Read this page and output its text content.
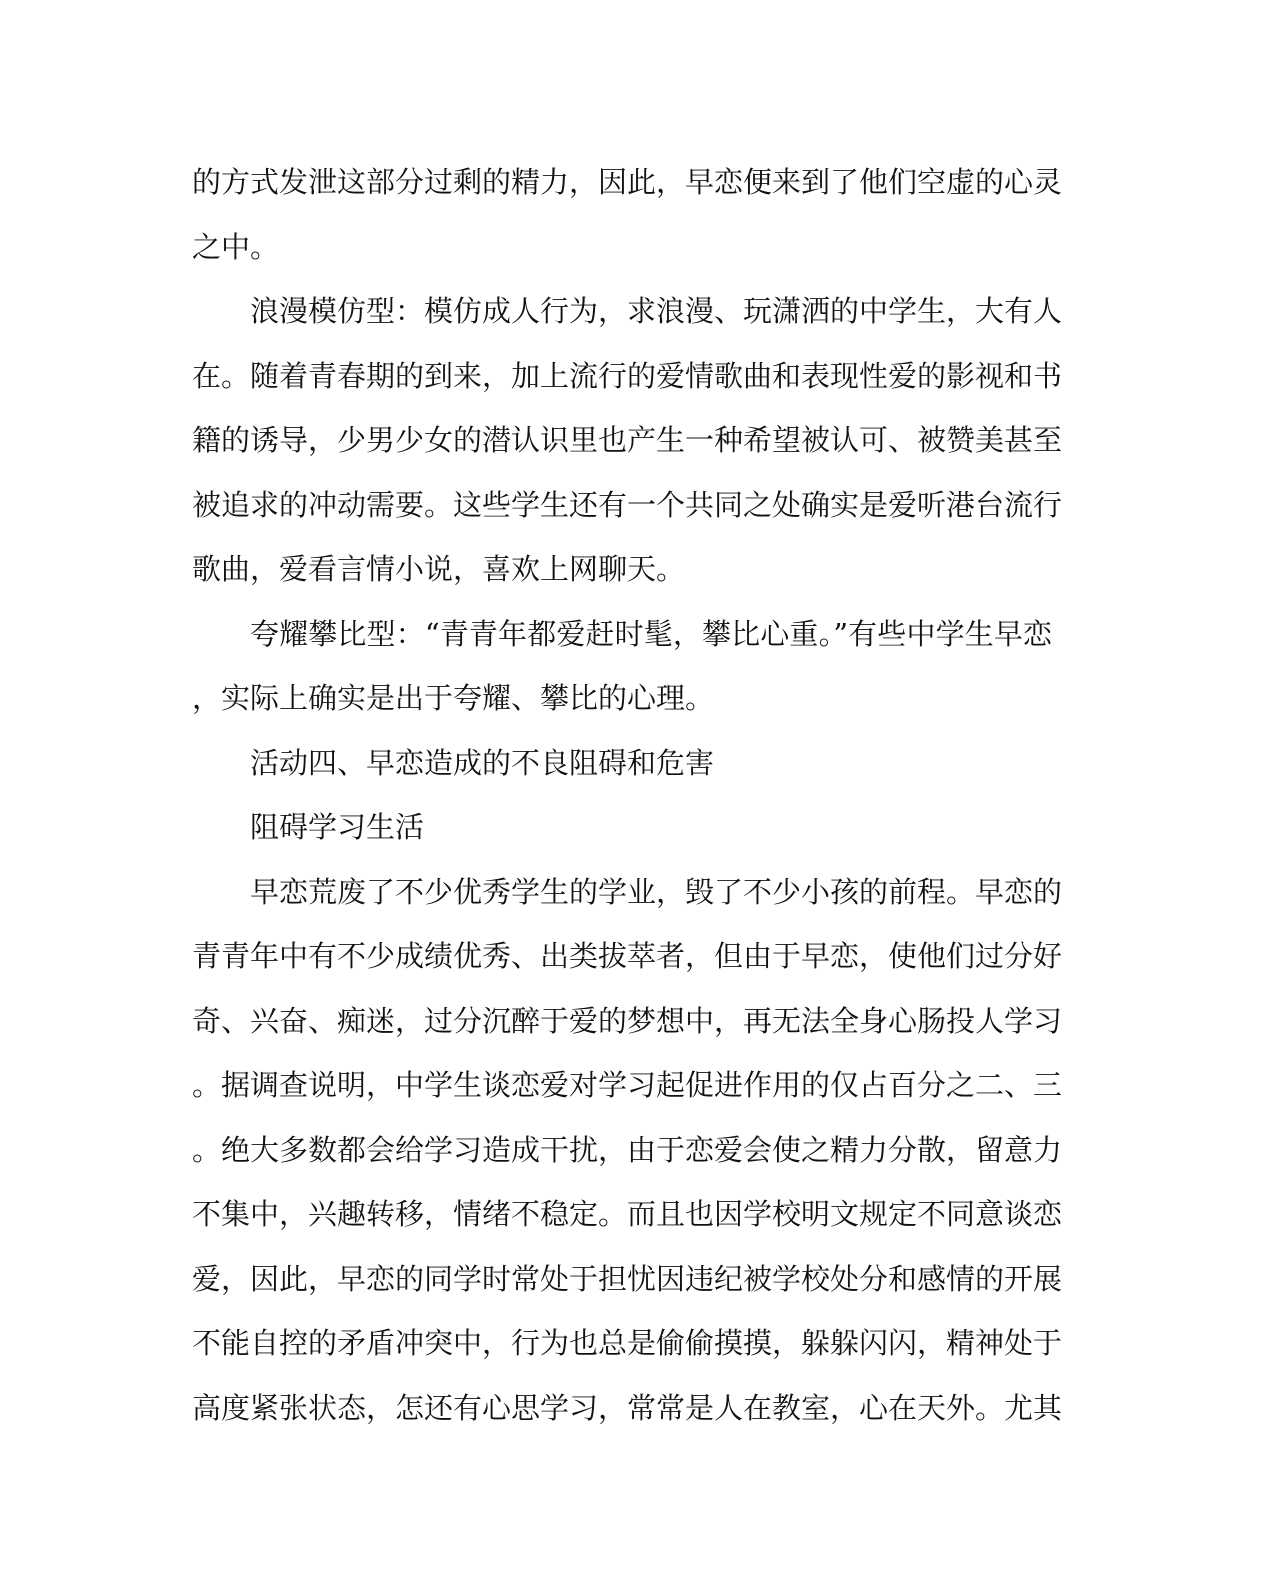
的方式发泄这部分过剩的精力，因此，早恋便来到了他们空虚的心灵
之中。
浪漫模仿型：模仿成人行为，求浪漫、玩潇洒的中学生，大有人
在。随着青春期的到来，加上流行的爱情歌曲和表现性爱的影视和书
籍的诱导，少男少女的潜认识里也产生一种希望被认可、被赞美甚至
被追求的冲动需要。这些学生还有一个共同之处确实是爱听港台流行
歌曲，爱看言情小说，喜欢上网聊天。
夸耀攀比型：“青青年都爱赶时髦，攀比心重。”有些中学生早恋
，实际上确实是出于夸耀、攀比的心理。
活动四、早恋造成的不良阻碍和危害
阻碍学习生活
早恋荒废了不少优秀学生的学业，毁了不少小孩的前程。早恋的
青青年中有不少成绩优秀、出类拔萃者，但由于早恋，使他们过分好
奇、兴奋、痴迷，过分沉醉于爱的梦想中，再无法全身心肠投人学习
。据调查说明，中学生谈恋爱对学习起促进作用的仅占百分之二、三
。绝大多数都会给学习造成干扰，由于恋爱会使之精力分散，留意力
不集中，兴趣转移，情绪不稳定。而且也因学校明文规定不同意谈恋
爱，因此，早恋的同学时常处于担忧因违纪被学校处分和感情的开展
不能自控的矛盾冲突中，行为也总是偷偷摸摸，躲躲闪闪，精神处于
高度紧张状态，怎还有心思学习，常常是人在教室，心在天外。尤其
